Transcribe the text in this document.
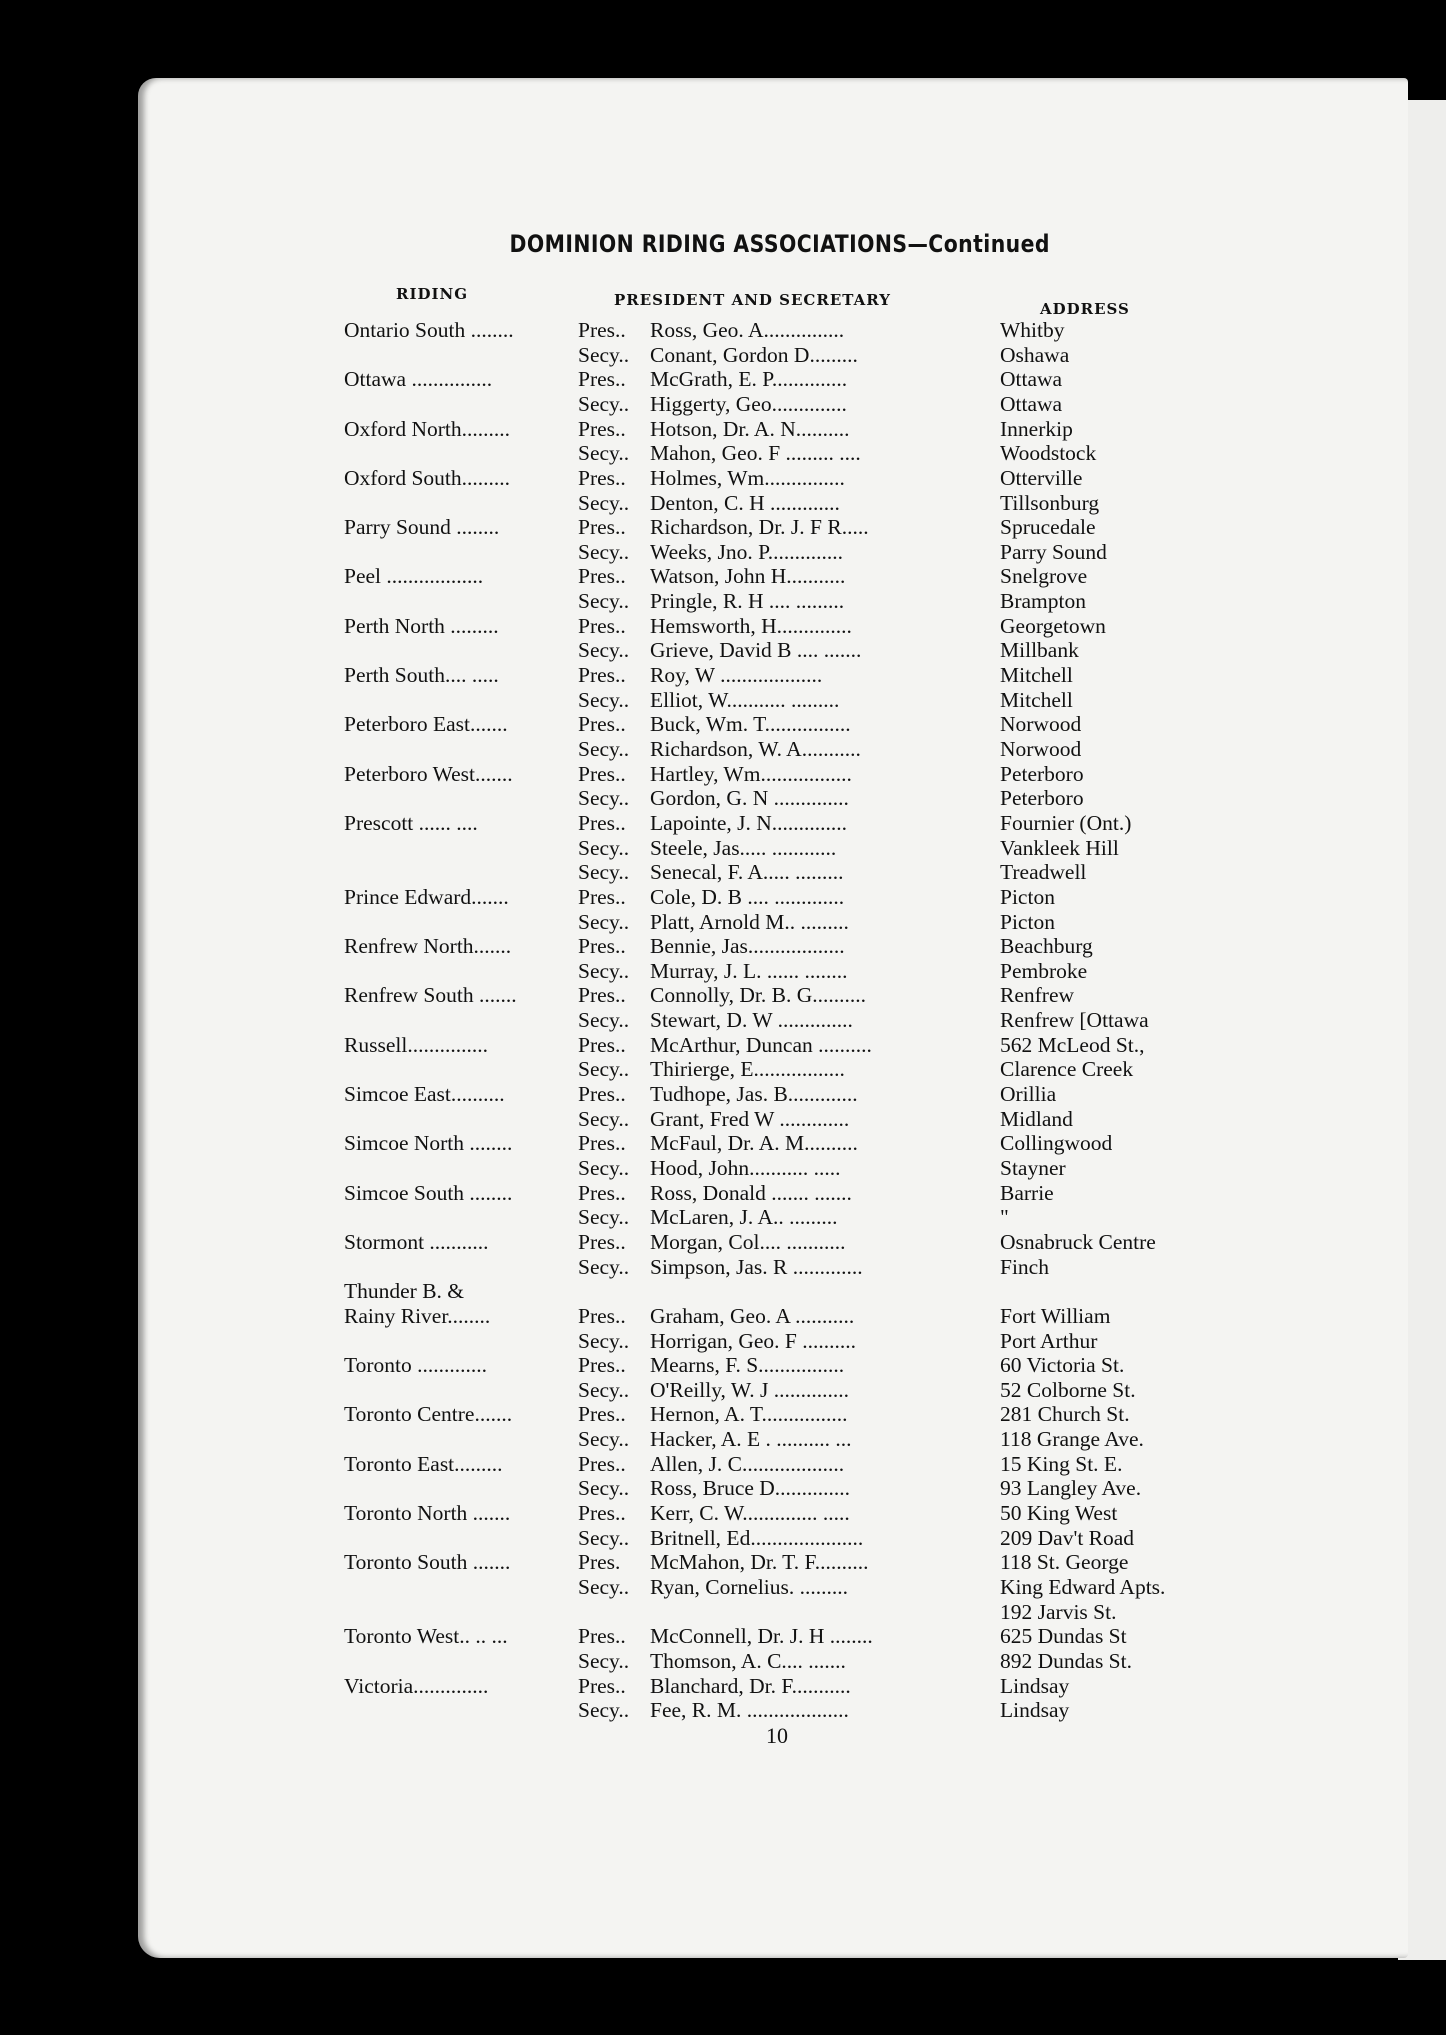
DOMINION RIDING ASSOCIATIONS—Continued
RIDING	PRESIDENT AND SECRETARY	ADDRESS
Ontario South ........	Pres.. Ross, Geo. A...............	Whitby
Secy.. Conant, Gordon D.........	Oshawa
Ottawa ...............	Pres.. McGrath, E. P..............	Ottawa
Secy.. Higgerty, Geo..............	Ottawa
Oxford North.........	Pres.. Hotson, Dr. A. N..........	Innerkip
Secy.. Mahon, Geo. F ......... ....	Woodstock
Oxford South.........	Pres.. Holmes, Wm...............	Otterville
Secy.. Denton, C. H .............	Tillsonburg
Parry Sound ........	Pres.. Richardson, Dr. J. F R.....	Sprucedale
Secy.. Weeks, Jno. P..............	Parry Sound
Peel ..................	Pres.. Watson, John H...........	Snelgrove
Secy.. Pringle, R. H .... .........	Brampton
Perth North .........	Pres.. Hemsworth, H..............	Georgetown
Secy.. Grieve, David B .... .......	Millbank
Perth South.... .....	Pres.. Roy, W ...................	Mitchell
Secy.. Elliot, W........... .........	Mitchell
Peterboro East.......	Pres.. Buck, Wm. T................	Norwood
Secy.. Richardson, W. A...........	Norwood
Peterboro West.......	Pres.. Hartley, Wm.................	Peterboro
Secy.. Gordon, G. N ..............	Peterboro
Prescott ...... ....	Pres.. Lapointe, J. N..............	Fournier (Ont.)
Secy.. Steele, Jas..... ............	Vankleek Hill
Secy.. Senecal, F. A..... .........	Treadwell
Prince Edward.......	Pres.. Cole, D. B .... .............	Picton
Secy.. Platt, Arnold M.. .........	Picton
Renfrew North.......	Pres.. Bennie, Jas..................	Beachburg
Secy.. Murray, J. L. ...... ........	Pembroke
Renfrew South .......	Pres.. Connolly, Dr. B. G..........	Renfrew
Secy.. Stewart, D. W ..............	Renfrew [Ottawa
Russell...............	Pres.. McArthur, Duncan ..........	562 McLeod St.,
Secy.. Thirierge, E.................	Clarence Creek
Simcoe East..........	Pres.. Tudhope, Jas. B.............	Orillia
Secy.. Grant, Fred W .............	Midland
Simcoe North ........	Pres.. McFaul, Dr. A. M..........	Collingwood
Secy.. Hood, John........... .....	Stayner
Simcoe South ........	Pres.. Ross, Donald ....... .......	Barrie
Secy.. McLaren, J. A.. .........	"
Stormont ...........	Pres.. Morgan, Col.... ...........	Osnabruck Centre
Secy.. Simpson, Jas. R .............	Finch
Thunder B. &
Rainy River........	Pres.. Graham, Geo. A ...........	Fort William
Secy.. Horrigan, Geo. F ..........	Port Arthur
Toronto .............	Pres.. Mearns, F. S................	60 Victoria St.
Secy.. O'Reilly, W. J ..............	52 Colborne St.
Toronto Centre.......	Pres.. Hernon, A. T................	281 Church St.
Secy.. Hacker, A. E . .......... ...	118 Grange Ave.
Toronto East.........	Pres.. Allen, J. C...................	15 King St. E.
Secy.. Ross, Bruce D..............	93 Langley Ave.
Toronto North .......	Pres.. Kerr, C. W.............. .....	50 King West
Secy.. Britnell, Ed.....................	209 Dav't Road
Toronto South .......	Pres. McMahon, Dr. T. F..........	118 St. George
Secy.. Ryan, Cornelius. .........	King Edward Apts.
192 Jarvis St.
Toronto West.. .. ...	Pres.. McConnell, Dr. J. H ........	625 Dundas St
Secy.. Thomson, A. C.... .......	892 Dundas St.
Victoria..............	Pres.. Blanchard, Dr. F...........	Lindsay
Secy.. Fee, R. M. ...................	Lindsay
10
